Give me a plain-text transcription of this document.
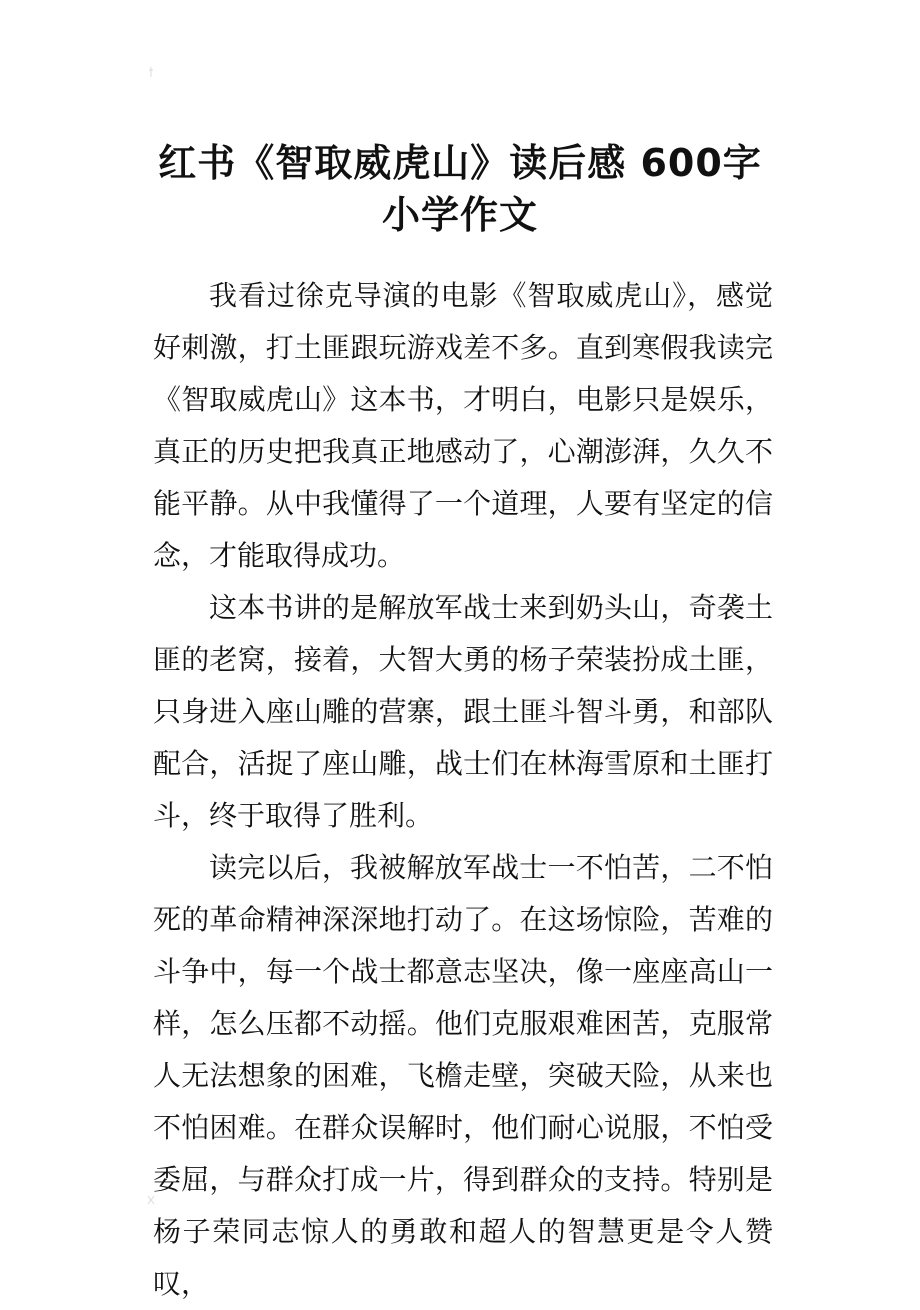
红书《智取威虎山》读后感 600字小学作文

我看过徐克导演的电影《智取威虎山》，感觉好刺激，打土匪跟玩游戏差不多。直到寒假我读完《智取威虎山》这本书，才明白，电影只是娱乐，真正的历史把我真正地感动了，心潮澎湃，久久不能平静。从中我懂得了一个道理，人要有坚定的信念，才能取得成功。

这本书讲的是解放军战士来到奶头山，奇袭土匪的老窝，接着，大智大勇的杨子荣装扮成土匪，只身进入座山雕的营寨，跟土匪斗智斗勇，和部队配合，活捉了座山雕，战士们在林海雪原和土匪打斗，终于取得了胜利。

读完以后，我被解放军战士一不怕苦，二不怕死的革命精神深深地打动了。在这场惊险，苦难的斗争中，每一个战士都意志坚决，像一座座高山一样，怎么压都不动摇。他们克服艰难困苦，克服常人无法想象的困难，飞檐走壁，突破天险，从来也不怕困难。在群众误解时，他们耐心说服，不怕受委屈，与群众打成一片，得到群众的支持。特别是杨子荣同志惊人的勇敢和超人的智慧更是令人赞叹，
